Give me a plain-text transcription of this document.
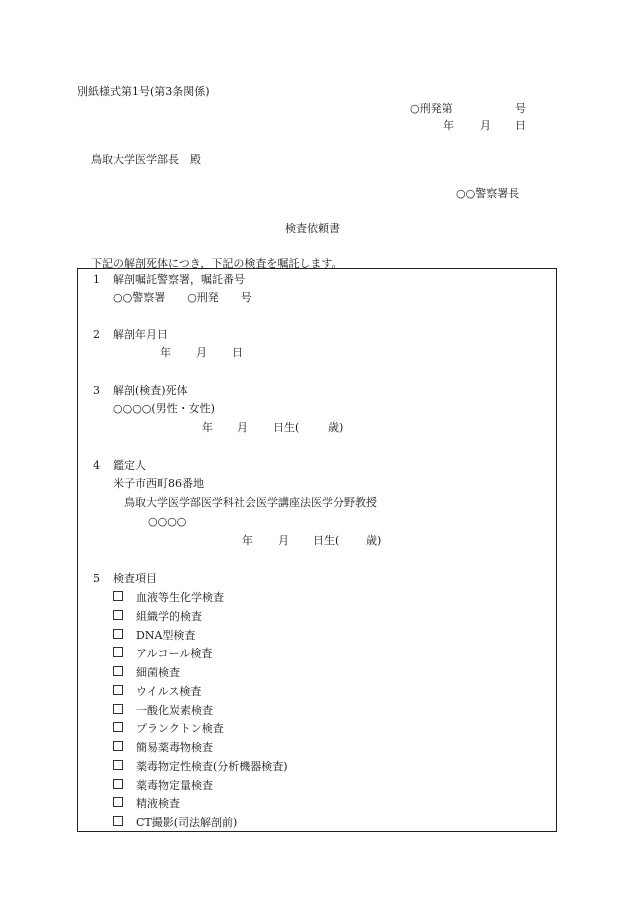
別紙様式第1号(第3条関係)
○刑発第	号
年 月 日
鳥取大学医学部長　殿
○○警察署長
検査依頼書
下記の解剖死体につき，下記の検査を嘱託します。
1 解剖嘱託警察署，嘱託番号
○○警察署　　○刑発　　号
2 解剖年月日
年 月 日
3 解剖(検査)死体
○○○○(男性・女性)
年 月 日生(	歳)
4 鑑定人
米子市西町86番地
鳥取大学医学部医学科社会医学講座法医学分野教授
○○○○
年 月 日生( 歳)
5 検査項目
血液等生化学検査
組織学的検査
DNA型検査
アルコール検査
細菌検査
ウイルス検査
一酸化炭素検査
プランクトン検査
簡易薬毒物検査
薬毒物定性検査(分析機器検査)
薬毒物定量検査
精液検査
CT撮影(司法解剖前)
